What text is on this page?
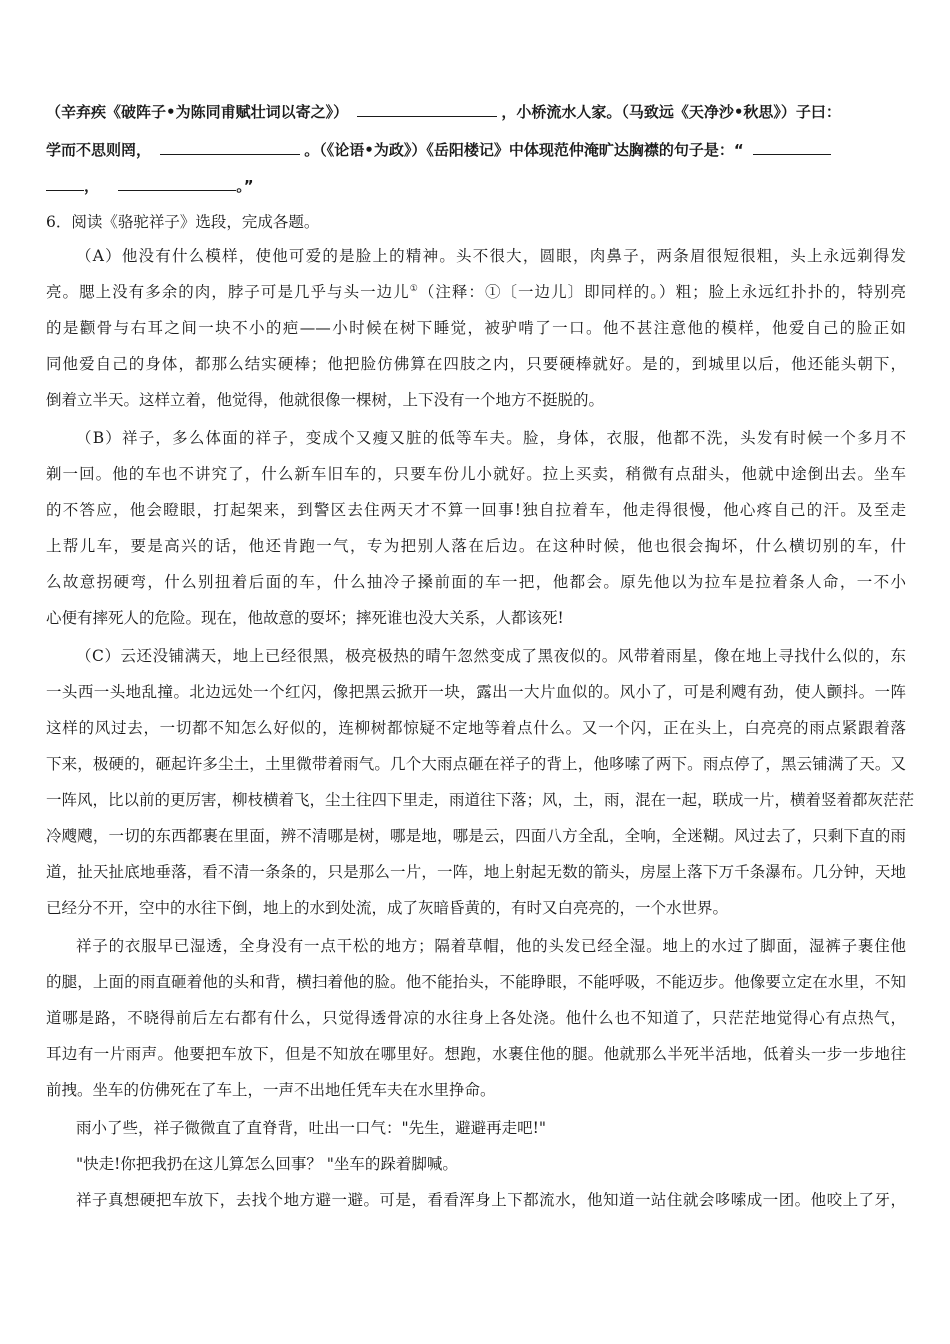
（辛弃疾《破阵子•为陈同甫赋壮词以寄之》）	，小桥流水人家。（马致远《天净沙•秋思》）子曰：
学而不思则罔，	。（《论语•为政》）《岳阳楼记》中体现范仲淹旷达胸襟的句子是：“
，	。”
6．阅读《骆驼祥子》选段，完成各题。
（A）他没有什么模样，使他可爱的是脸上的精神。头不很大，圆眼，肉鼻子，两条眉很短很粗，头上永远剃得发
亮。腮上没有多余的肉，脖子可是几乎与头一边儿①（注释：①〔一边儿〕即同样的。）粗；脸上永远红扑扑的，特别亮
的是颧骨与右耳之间一块不小的疤——小时候在树下睡觉，被驴啃了一口。他不甚注意他的模样，他爱自己的脸正如
同他爱自己的身体，都那么结实硬棒；他把脸仿佛算在四肢之内，只要硬棒就好。是的，到城里以后，他还能头朝下，
倒着立半天。这样立着，他觉得，他就很像一棵树，上下没有一个地方不挺脱的。
（B）祥子，多么体面的祥子，变成个又瘦又脏的低等车夫。脸，身体，衣服，他都不洗，头发有时候一个多月不
剃一回。他的车也不讲究了，什么新车旧车的，只要车份儿小就好。拉上买卖，稍微有点甜头，他就中途倒出去。坐车
的不答应，他会瞪眼，打起架来，到警区去住两天才不算一回事!独自拉着车，他走得很慢，他心疼自己的汗。及至走
上帮儿车，要是高兴的话，他还肯跑一气，专为把别人落在后边。在这种时候，他也很会掏坏，什么横切别的车，什
么故意拐硬弯，什么别扭着后面的车，什么抽冷子搡前面的车一把，他都会。原先他以为拉车是拉着条人命，一不小
心便有摔死人的危险。现在，他故意的耍坏；摔死谁也没大关系，人都该死!
（C）云还没铺满天，地上已经很黑，极亮极热的晴午忽然变成了黑夜似的。风带着雨星，像在地上寻找什么似的，东
一头西一头地乱撞。北边远处一个红闪，像把黑云掀开一块，露出一大片血似的。风小了，可是利飕有劲，使人颤抖。一阵
这样的风过去，一切都不知怎么好似的，连柳树都惊疑不定地等着点什么。又一个闪，正在头上，白亮亮的雨点紧跟着落
下来，极硬的，砸起许多尘土，土里微带着雨气。几个大雨点砸在祥子的背上，他哆嗦了两下。雨点停了，黑云铺满了天。又
一阵风，比以前的更厉害，柳枝横着飞，尘土往四下里走，雨道往下落；风，土，雨，混在一起，联成一片，横着竖着都灰茫茫
冷飕飕，一切的东西都裹在里面，辨不清哪是树，哪是地，哪是云，四面八方全乱，全响，全迷糊。风过去了，只剩下直的雨
道，扯天扯底地垂落，看不清一条条的，只是那么一片，一阵，地上射起无数的箭头，房屋上落下万千条瀑布。几分钟，天地
已经分不开，空中的水往下倒，地上的水到处流，成了灰暗昏黄的，有时又白亮亮的，一个水世界。
祥子的衣服早已湿透，全身没有一点干松的地方；隔着草帽，他的头发已经全湿。地上的水过了脚面，湿裤子裹住他
的腿，上面的雨直砸着他的头和背，横扫着他的脸。他不能抬头，不能睁眼，不能呼吸，不能迈步。他像要立定在水里，不知
道哪是路，不晓得前后左右都有什么，只觉得透骨凉的水往身上各处浇。他什么也不知道了，只茫茫地觉得心有点热气，
耳边有一片雨声。他要把车放下，但是不知放在哪里好。想跑，水裹住他的腿。他就那么半死半活地，低着头一步一步地往
前拽。坐车的仿佛死在了车上，一声不出地任凭车夫在水里挣命。
雨小了些，祥子微微直了直脊背，吐出一口气："先生，避避再走吧!"
"快走!你把我扔在这儿算怎么回事？ "坐车的跺着脚喊。
祥子真想硬把车放下，去找个地方避一避。可是，看看浑身上下都流水，他知道一站住就会哆嗦成一团。他咬上了牙，
